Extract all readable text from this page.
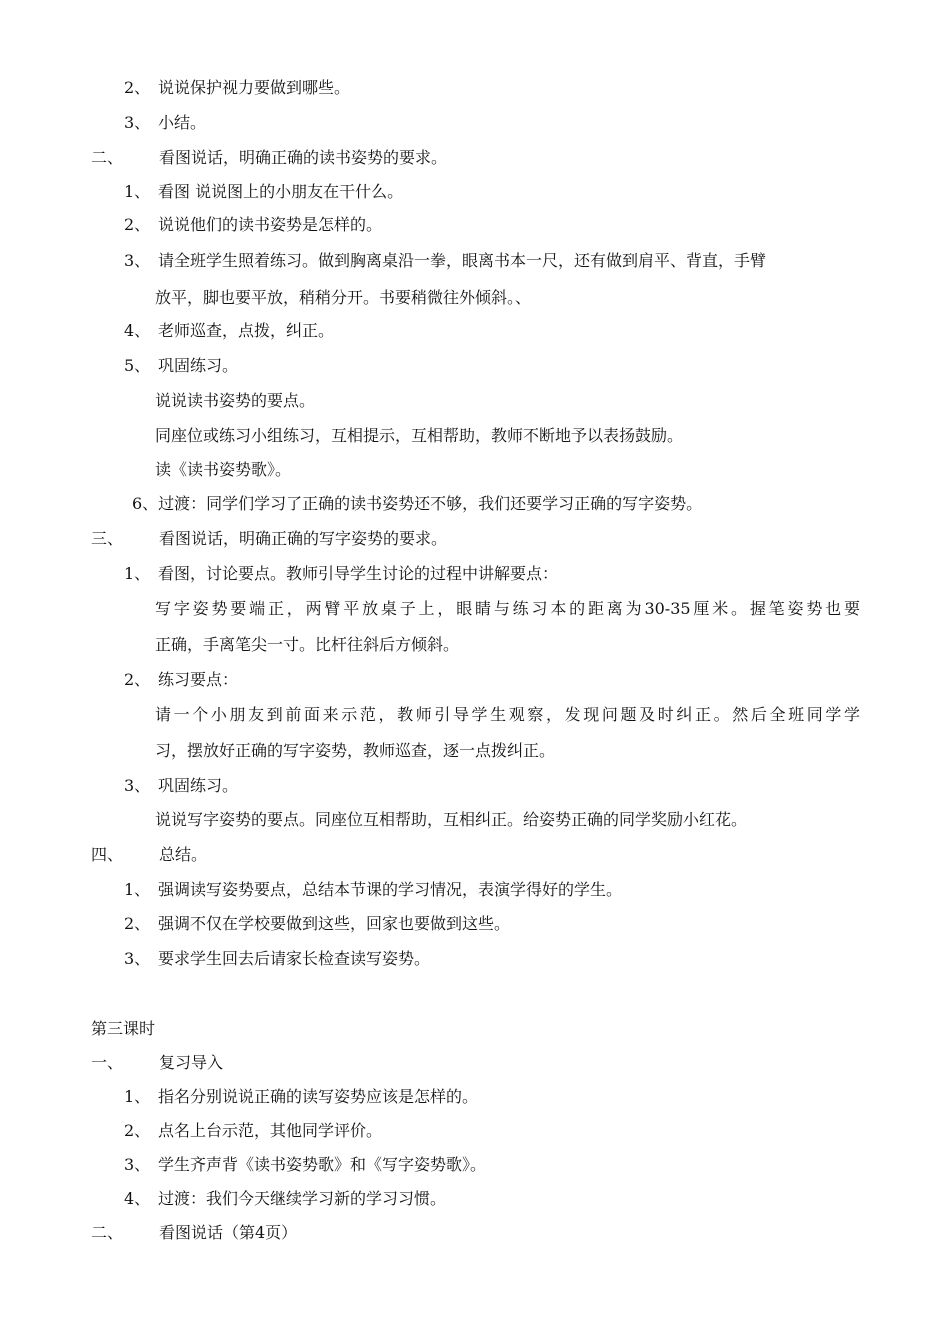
2、 说说保护视力要做到哪些。
3、 小结。
二、 看图说话，明确正确的读书姿势的要求。
1、 看图 说说图上的小朋友在干什么。
2、 说说他们的读书姿势是怎样的。
3、 请全班学生照着练习。做到胸离桌沿一拳，眼离书本一尺，还有做到肩平、背直，手臂
放平，脚也要平放，稍稍分开。书要稍微往外倾斜。、
4、 老师巡查，点拨，纠正。
5、 巩固练习。
说说读书姿势的要点。
同座位或练习小组练习，互相提示，互相帮助，教师不断地予以表扬鼓励。
读《读书姿势歌》。
6、过渡：同学们学习了正确的读书姿势还不够，我们还要学习正确的写字姿势。
三、 看图说话，明确正确的写字姿势的要求。
1、 看图，讨论要点。教师引导学生讨论的过程中讲解要点：
写字姿势要端正，两臂平放桌子上，眼睛与练习本的距离为30-35厘米。握笔姿势也要
正确，手离笔尖一寸。比杆往斜后方倾斜。
2、 练习要点：
请一个小朋友到前面来示范，教师引导学生观察，发现问题及时纠正。然后全班同学学
习，摆放好正确的写字姿势，教师巡查，逐一点拨纠正。
3、 巩固练习。
说说写字姿势的要点。同座位互相帮助，互相纠正。给姿势正确的同学奖励小红花。
四、 总结。
1、 强调读写姿势要点，总结本节课的学习情况，表演学得好的学生。
2、 强调不仅在学校要做到这些，回家也要做到这些。
3、 要求学生回去后请家长检查读写姿势。
第三课时
一、 复习导入
1、 指名分别说说正确的读写姿势应该是怎样的。
2、 点名上台示范，其他同学评价。
3、 学生齐声背《读书姿势歌》和《写字姿势歌》。
4、 过渡：我们今天继续学习新的学习习惯。
二、 看图说话（第4页）
